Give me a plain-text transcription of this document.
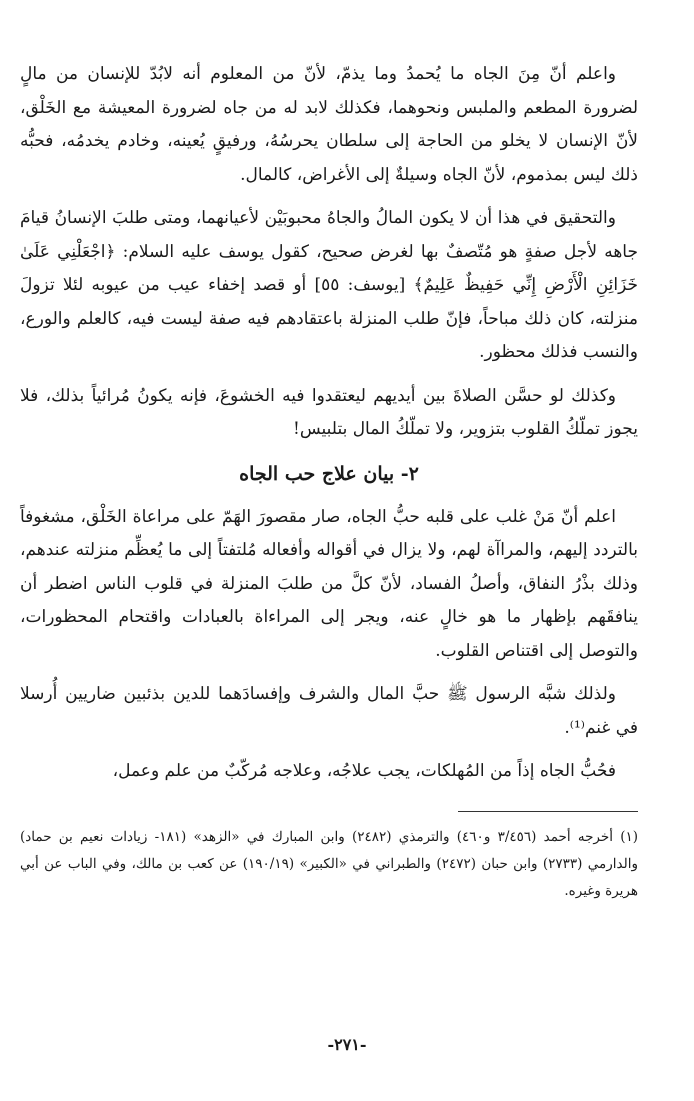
واعلم أنّ مِنَ الجاه ما يُحمدُ وما يذمّ، لأنّ من المعلوم أنه لابُدّ للإنسان من مالٍ لضرورة المطعم والملبس ونحوهما، فكذلك لابد له من جاه لضرورة المعيشة مع الخَلْق، لأنّ الإنسان لا يخلو من الحاجة إلى سلطان يحرسُهُ، ورفيقٍ يُعينه، وخادم يخدمُه، فحبُّه ذلك ليس بمذموم، لأنّ الجاه وسيلةٌ إلى الأغراض، كالمال.

والتحقيق في هذا أن لا يكون المالُ والجاهُ محبوبَيْن لأعيانهما، ومتى طلبَ الإنسانُ قيامَ جاهه لأجل صفةٍ هو مُتّصفٌ بها لغرض صحيح، كقول يوسف عليه السلام: ﴿اجْعَلْنِي عَلَىٰ خَزَائِنِ الْأَرْضِ إِنِّي حَفِيظٌ عَلِيمٌ﴾ [يوسف: ٥٥] أو قصد إخفاء عيب من عيوبه لئلا تزولَ منزلته، كان ذلك مباحاً، فإنّ طلب المنزلة باعتقادهم فيه صفة ليست فيه، كالعلم والورع، والنسب فذلك محظور.

وكذلك لو حسَّن الصلاةَ بين أيديهم ليعتقدوا فيه الخشوعَ، فإنه يكونُ مُرائياً بذلك، فلا يجوز تملّكُ القلوب بتزوير، ولا تملّكُ المال بتلبيس!

٢- بيان علاج حب الجاه

اعلم أنّ مَنْ غلب على قلبه حبُّ الجاه، صار مقصورَ الهَمّ على مراعاة الخَلْق، مشغوفاً بالتردد إليهم، والمراآة لهم، ولا يزال في أقواله وأفعاله مُلتفتاً إلى ما يُعظِّم منزلته عندهم، وذلك بذْرُ النفاق، وأصلُ الفساد، لأنّ كلَّ من طلبَ المنزلة في قلوب الناس اضطر أن ينافقَهم بإظهار ما هو خالٍ عنه، ويجر إلى المراءاة بالعبادات واقتحام المحظورات، والتوصل إلى اقتناص القلوب.

ولذلك شبَّه الرسول ﷺ حبَّ المال والشرف وإفسادَهما للدين بذئبين ضاريين أُرسلا في غنم⁽¹⁾.

فحُبُّ الجاه إذاً من المُهلكات، يجب علاجُه، وعلاجه مُركّبٌ من علم وعمل،

(١) أخرجه أحمد (٣/٤٥٦ و٤٦٠) والترمذي (٢٤٨٢) وابن المبارك في «الزهد» (١٨١- زيادات نعيم بن حماد) والدارمي (٢٧٣٣) وابن حبان (٢٤٧٢) والطبراني في «الكبير» (١٩٠/١٩) عن كعب بن مالك، وفي الباب عن أبي هريرة وغيره.

-٢٧١-
